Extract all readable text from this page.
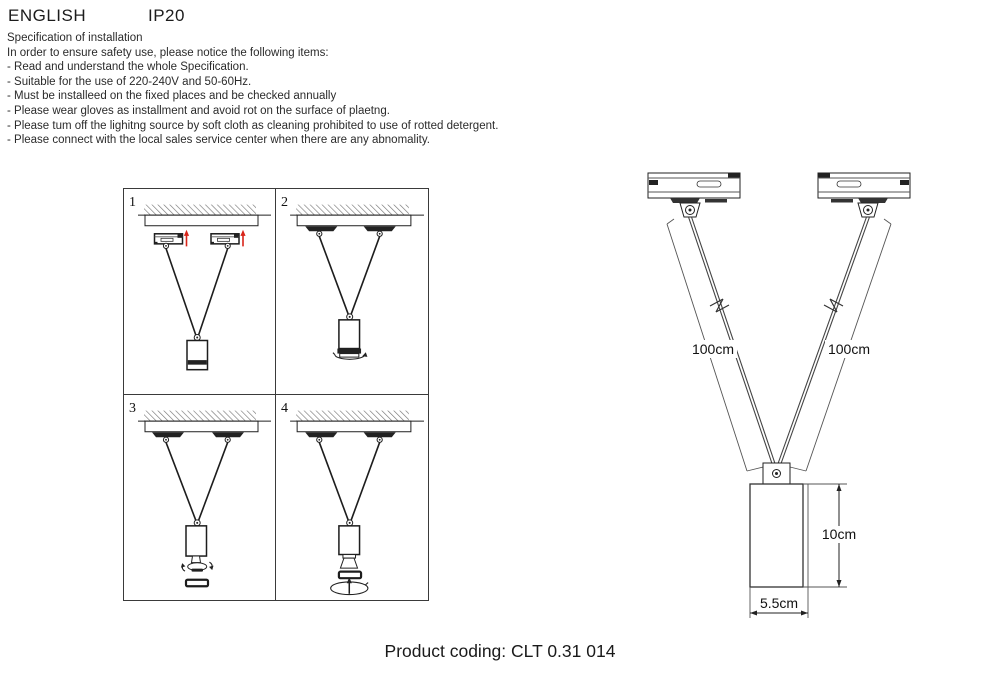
ENGLISH	IP20
Specification of installation
In order to ensure safety use, please notice the following items:
- Read and understand the whole Specification.
- Suitable for the use of 220-240V and 50-60Hz.
- Must be installeed on the fixed places and be checked annually
- Please wear gloves as installment and avoid rot on the surface of plaetng.
- Please tum off the lighitng source by soft cloth as cleaning prohibited to use of rotted detergent.
- Please connect with the local sales service center when there are any abnomality.
1	2
3	4
100cm	100cm
10cm
5.5cm
Product coding: CLT 0.31 014
